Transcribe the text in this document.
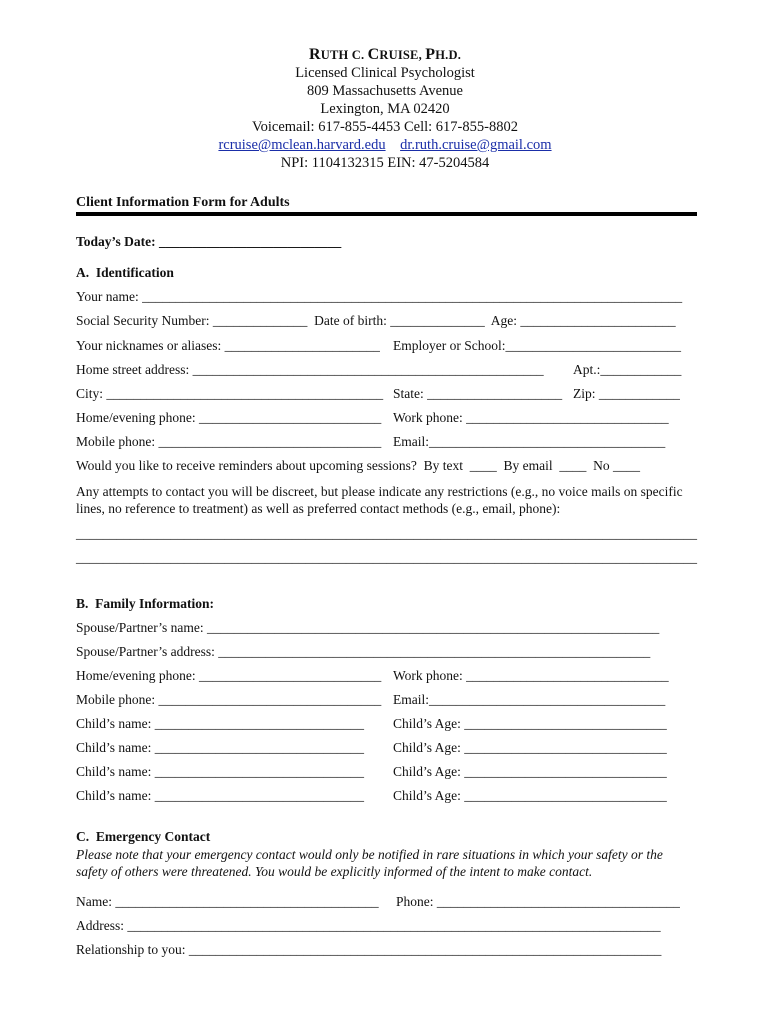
RUTH C. CRUISE, PH.D.
Licensed Clinical Psychologist
809 Massachusetts Avenue
Lexington, MA 02420
Voicemail: 617-855-4453 Cell: 617-855-8802
rcruise@mclean.harvard.edu dr.ruth.cruise@gmail.com
NPI: 1104132315 EIN: 47-5204584
Client Information Form for Adults
Today’s Date: ___________________________
A.  Identification
Your name: ________________________________________________________________________________
Social Security Number: ______________  Date of birth: ______________  Age: _______________________
Your nicknames or aliases: _______________________ Employer or School:__________________________
Home street address: ____________________________________________________ Apt.:____________
City: _________________________________________ State: ____________________ Zip: ____________
Home/evening phone: ___________________________ Work phone: ______________________________
Mobile phone: _________________________________ Email:___________________________________
Would you like to receive reminders about upcoming sessions?  By text  ____  By email  ____  No ____
Any attempts to contact you will be discreet, but please indicate any restrictions (e.g., no voice mails on specific lines, no reference to treatment) as well as preferred contact methods (e.g., email, phone):
____________________________________________________________________________________________
____________________________________________________________________________________________
B.  Family Information:
Spouse/Partner’s name: ___________________________________________________________________
Spouse/Partner’s address: ________________________________________________________________
Home/evening phone: ___________________________ Work phone: ______________________________
Mobile phone: _________________________________ Email:___________________________________
Child’s name: _______________________________ Child’s Age: ______________________________
Child’s name: _______________________________ Child’s Age: ______________________________
Child’s name: _______________________________ Child’s Age: ______________________________
Child’s name: _______________________________ Child’s Age: ______________________________
C.  Emergency Contact
Please note that your emergency contact would only be notified in rare situations in which your safety or the safety of others were threatened. You would be explicitly informed of the intent to make contact.
Name: _______________________________________ Phone: ____________________________________
Address: _______________________________________________________________________________
Relationship to you: ______________________________________________________________________
